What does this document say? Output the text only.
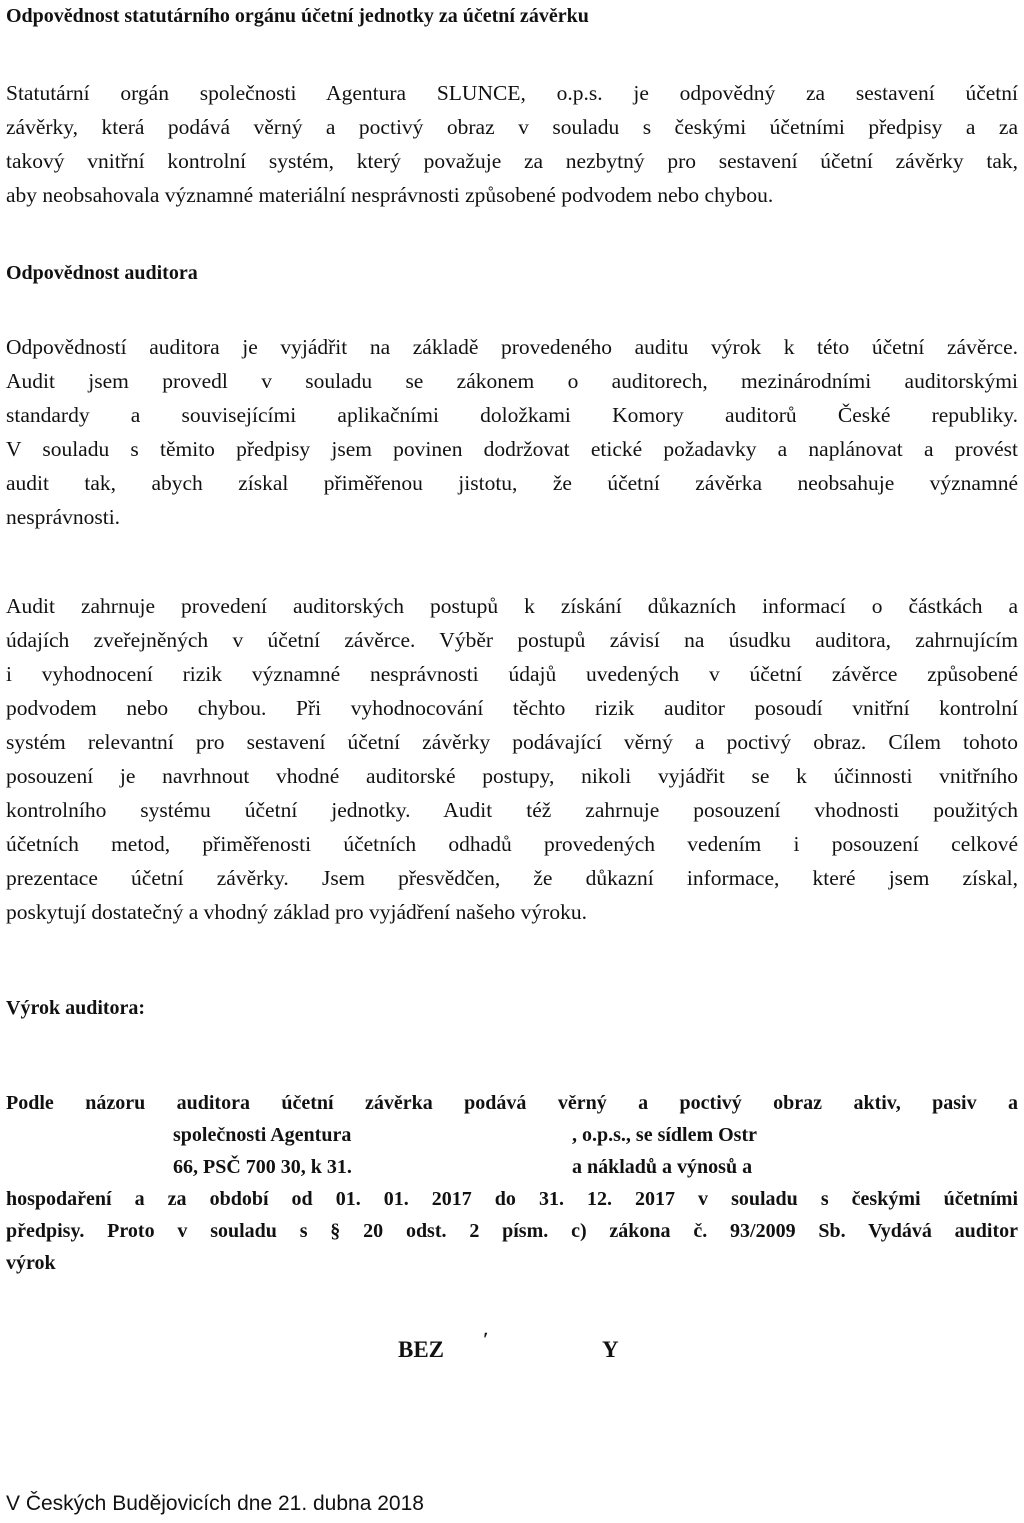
Odpovědnost statutárního orgánu účetní jednotky za účetní závěrku
Statutární orgán společnosti Agentura SLUNCE, o.p.s. je odpovědný za sestavení účetní
závěrky, která podává věrný a poctivý obraz v souladu s českými účetními předpisy a za
takový vnitřní kontrolní systém, který považuje za nezbytný pro sestavení účetní závěrky tak,
aby neobsahovala významné materiální nesprávnosti způsobené podvodem nebo chybou.
Odpovědnost auditora
Odpovědností auditora je vyjádřit na základě provedeného auditu výrok k této účetní závěrce.
Audit jsem provedl v souladu se zákonem o auditorech, mezinárodními auditorskými
standardy a souvisejícími aplikačními doložkami Komory auditorů České republiky.
V souladu s těmito předpisy jsem povinen dodržovat etické požadavky a naplánovat a provést
audit tak, abych získal přiměřenou jistotu, že účetní závěrka neobsahuje významné
nesprávnosti.
Audit zahrnuje provedení auditorských postupů k získání důkazních informací o částkách a
údajích zveřejněných v účetní závěrce. Výběr postupů závisí na úsudku auditora, zahrnujícím
i vyhodnocení rizik významné nesprávnosti údajů uvedených v účetní závěrce způsobené
podvodem nebo chybou. Při vyhodnocování těchto rizik auditor posoudí vnitřní kontrolní
systém relevantní pro sestavení účetní závěrky podávající věrný a poctivý obraz. Cílem tohoto
posouzení je navrhnout vhodné auditorské postupy, nikoli vyjádřit se k účinnosti vnitřního
kontrolního systému účetní jednotky. Audit též zahrnuje posouzení vhodnosti použitých
účetních metod, přiměřenosti účetních odhadů provedených vedením i posouzení celkové
prezentace účetní závěrky. Jsem přesvědčen, že důkazní informace, které jsem získal,
poskytují dostatečný a vhodný základ pro vyjádření našeho výroku.
Výrok auditora:
Podle názoru auditora účetní závěrka podává věrný a poctivý obraz aktiv, pasiv a
společnosti Agentura	, o.p.s., se sídlem Ostr
66, PSČ 700 30, k 31.	a nákladů a výnosů a
hospodaření a za období od 01. 01. 2017 do 31. 12. 2017 v souladu s českými účetními
předpisy. Proto v souladu s § 20 odst. 2 písm. c) zákona č. 93/2009 Sb. Vydává auditor
výrok
BEZ ʹ	Y
V Českých Budějovicích dne 21. dubna 2018
